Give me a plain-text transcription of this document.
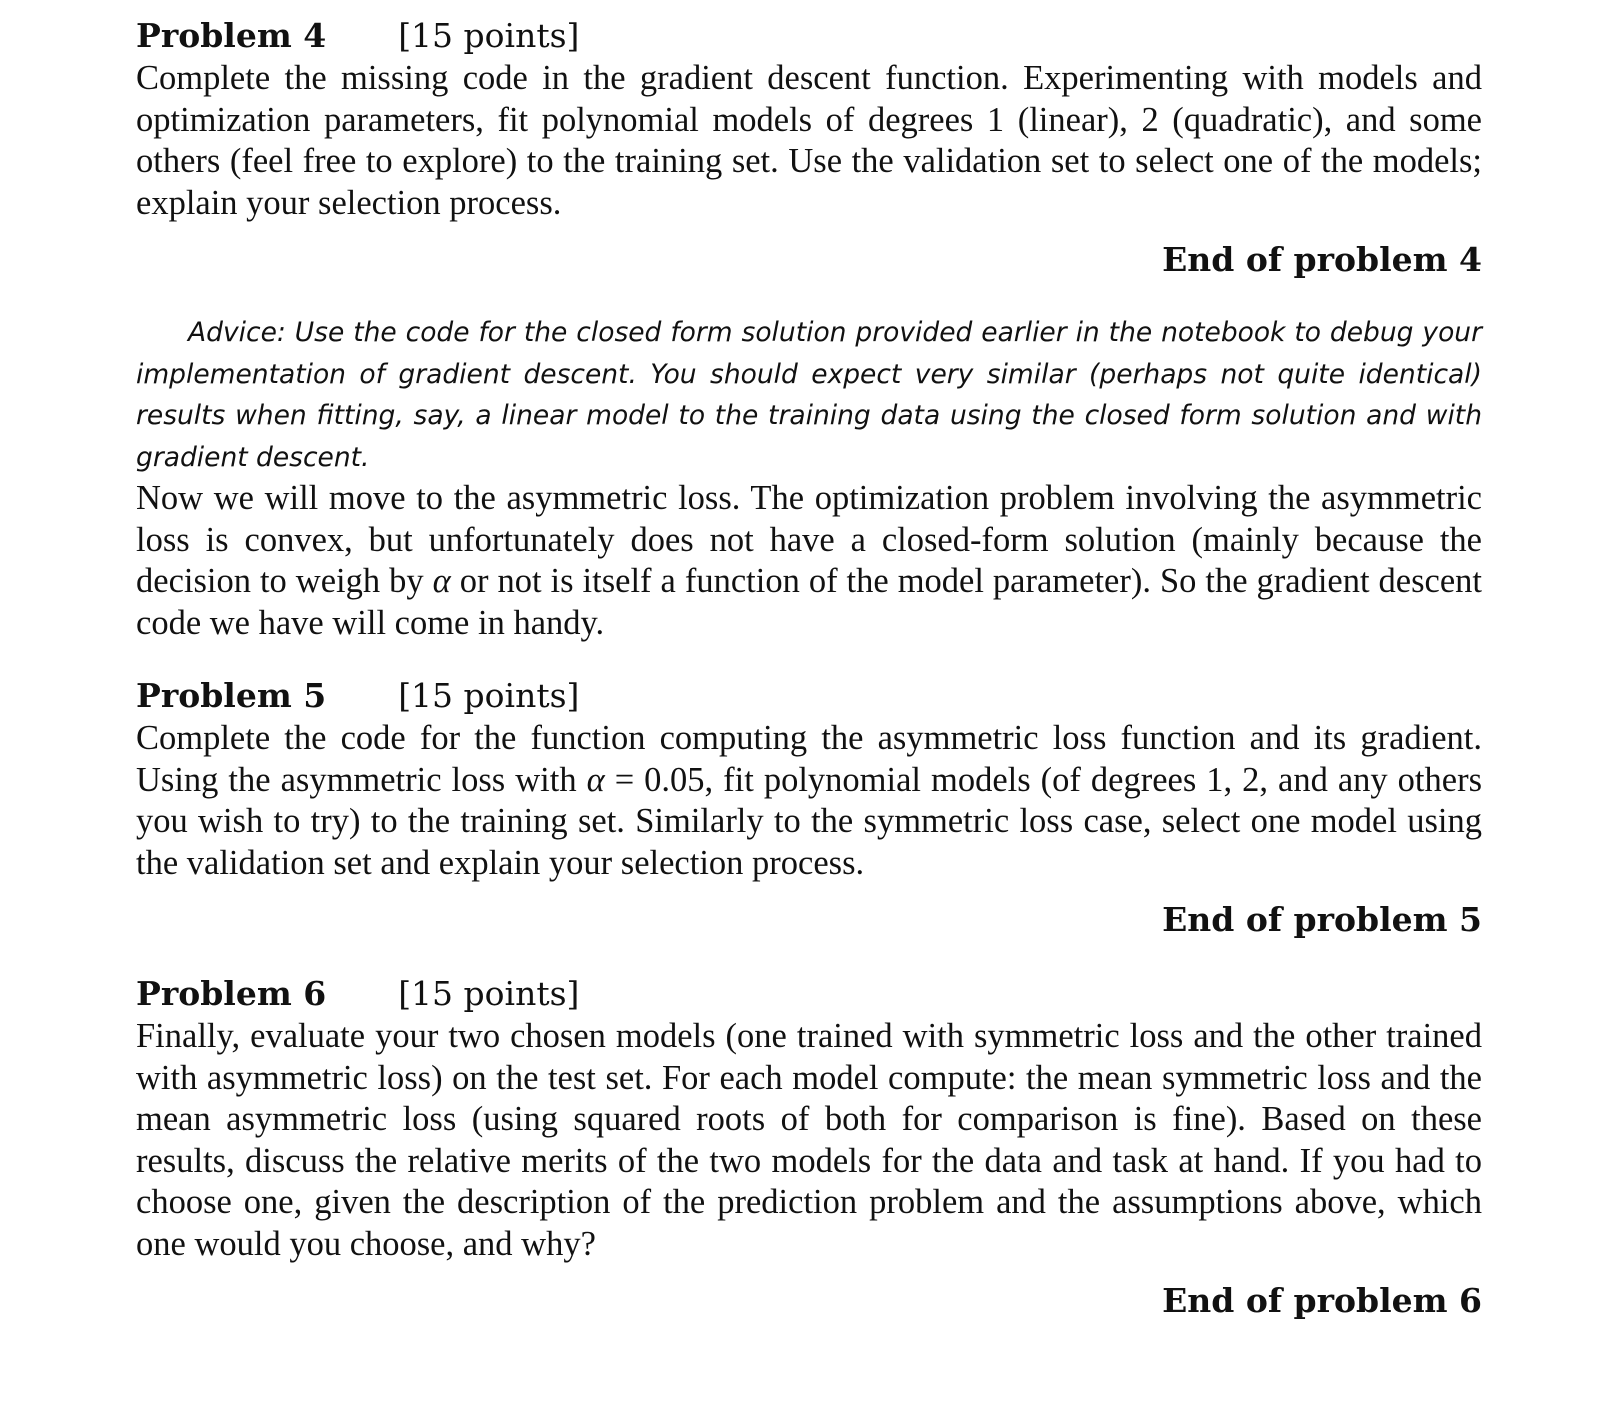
Problem 4 [15 points]

Complete the missing code in the gradient descent function. Experimenting with models and optimization parameters, fit polynomial models of degrees 1 (linear), 2 (quadratic), and some others (feel free to explore) to the training set. Use the validation set to select one of the models; explain your selection process.

End of problem 4

Advice: Use the code for the closed form solution provided earlier in the notebook to debug your implementation of gradient descent. You should expect very similar (perhaps not quite identical) results when fitting, say, a linear model to the training data using the closed form solution and with gradient descent.

Now we will move to the asymmetric loss. The optimization problem involving the asymmetric loss is convex, but unfortunately does not have a closed-form solution (mainly because the decision to weigh by α or not is itself a function of the model parameter). So the gradient descent code we have will come in handy.

Problem 5 [15 points]

Complete the code for the function computing the asymmetric loss function and its gradient. Using the asymmetric loss with α = 0.05, fit polynomial models (of degrees 1, 2, and any others you wish to try) to the training set. Similarly to the symmetric loss case, select one model using the validation set and explain your selection process.

End of problem 5
Problem 6 [15 points]

Finally, evaluate your two chosen models (one trained with symmetric loss and the other trained with asymmetric loss) on the test set. For each model compute: the mean symmetric loss and the mean asymmetric loss (using squared roots of both for comparison is fine). Based on these results, discuss the relative merits of the two models for the data and task at hand. If you had to choose one, given the description of the prediction problem and the assumptions above, which one would you choose, and why?

End of problem 6
